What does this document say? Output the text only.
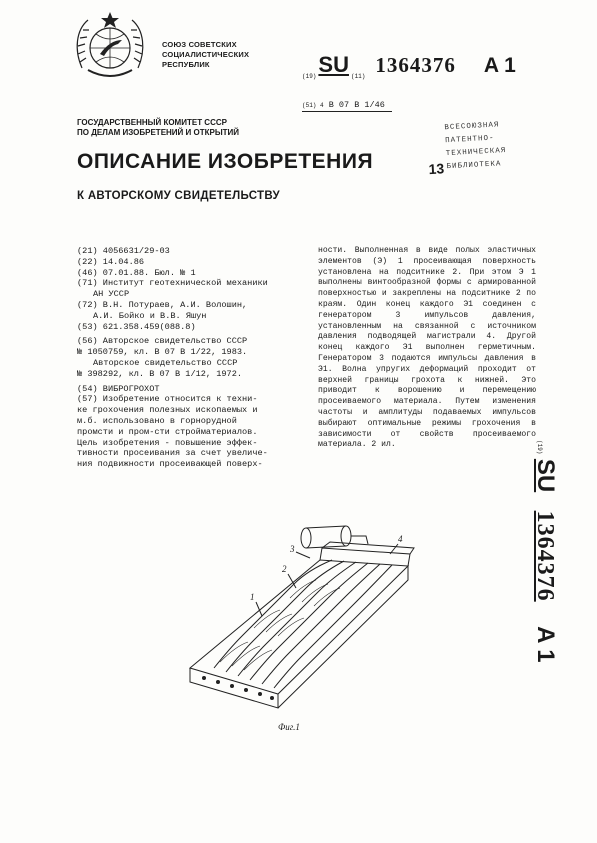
СОЮЗ СОВЕТСКИХ
СОЦИАЛИСТИЧЕСКИХ
РЕСПУБЛИК
$_{(19)}$SU $_{(11)}$ 1364376 A 1
(51) 4 В 07 В 1/46
ГОСУДАРСТВЕННЫЙ КОМИТЕТ СССР
ПО ДЕЛАМ ИЗОБРЕТЕНИЙ И ОТКРЫТИЙ
ОПИСАНИЕ ИЗОБРЕТЕНИЯ
К АВТОРСКОМУ СВИДЕТЕЛЬСТВУ
13
ВСЕСОЮЗНАЯ
ПАТЕНТНО-
ТЕХНИЧЕСКАЯ
БИБЛИОТЕКА
(21) 4056631/29-03
(22) 14.04.86
(46) 07.01.88. Бюл. № 1
(71) Институт геотехнической механики
АН УССР
(72) В.Н. Потураев, А.И. Волошин,
А.И. Бойко и В.В. Яшун
(53) 621.358.459(088.8)
(56) Авторское свидетельство СССР
№ 1050759, кл. В 07 В 1/22, 1983.
Авторское свидетельство СССР
№ 398292, кл. В 07 В 1/12, 1972.
(54) ВИБРОГРОХОТ
(57) Изобретение относится к техни-
ке грохочения полезных ископаемых и
м.б. использовано в горнорудной
промсти и пром-сти стройматериалов.
Цель изобретения - повышение эффек-
тивности просеивания за счет увеличе-
ния подвижности просеивающей поверх-
ности. Выполненная в виде полых эластичных элементов (Э) 1 просеивающая поверхность установлена на подситнике 2. При этом Э 1 выполнены винтообразной формы с армированной поверхностью и закреплены на подситнике 2 по краям. Один конец каждого Э1 соединен с генератором 3 импульсов давления, установленным на связанной с источником давления подводящей магистрали 4. Другой конец каждого Э1 выполнен герметичным. Генератором 3 подаются импульсы давления в Э1. Волна упругих деформаций проходит от верхней границы грохота к нижней. Это приводит к ворошению и перемещению просеиваемого материала. Путем изменения частоты и амплитуды подаваемых импульсов выбирают оптимальные режимы грохочения в зависимости от свойств просеиваемого материала. 2 ил.	(19) SU 1364376 A 1
3
4
2
1
Фиг.1
